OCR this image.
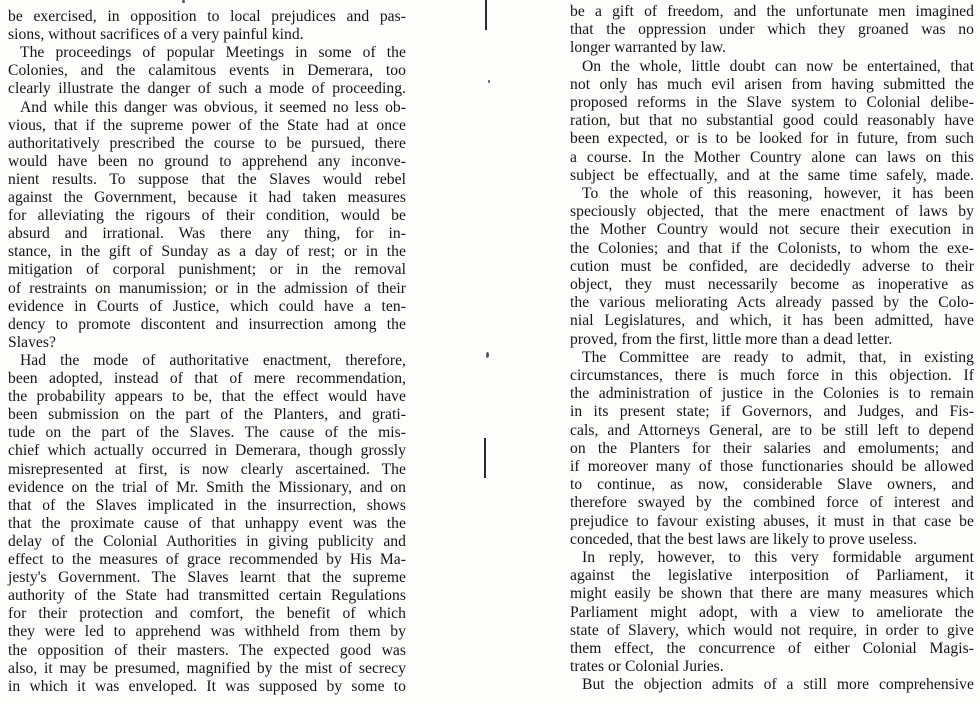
be exercised, in opposition to local prejudices and pas-
sions, without sacrifices of a very painful kind.
The proceedings of popular Meetings in some of the
Colonies, and the calamitous events in Demerara, too
clearly illustrate the danger of such a mode of proceeding.
And while this danger was obvious, it seemed no less ob-
vious, that if the supreme power of the State had at once
authoritatively prescribed the course to be pursued, there
would have been no ground to apprehend any inconve-
nient results. To suppose that the Slaves would rebel
against the Government, because it had taken measures
for alleviating the rigours of their condition, would be
absurd and irrational. Was there any thing, for in-
stance, in the gift of Sunday as a day of rest; or in the
mitigation of corporal punishment; or in the removal
of restraints on manumission; or in the admission of their
evidence in Courts of Justice, which could have a ten-
dency to promote discontent and insurrection among the
Slaves?
Had the mode of authoritative enactment, therefore,
been adopted, instead of that of mere recommendation,
the probability appears to be, that the effect would have
been submission on the part of the Planters, and grati-
tude on the part of the Slaves. The cause of the mis-
chief which actually occurred in Demerara, though grossly
misrepresented at first, is now clearly ascertained. The
evidence on the trial of Mr. Smith the Missionary, and on
that of the Slaves implicated in the insurrection, shows
that the proximate cause of that unhappy event was the
delay of the Colonial Authorities in giving publicity and
effect to the measures of grace recommended by His Ma-
jesty's Government. The Slaves learnt that the supreme
authority of the State had transmitted certain Regulations
for their protection and comfort, the benefit of which
they were led to apprehend was withheld from them by
the opposition of their masters. The expected good was
also, it may be presumed, magnified by the mist of secrecy
in which it was enveloped. It was supposed by some to
be a gift of freedom, and the unfortunate men imagined
that the oppression under which they groaned was no
longer warranted by law.
On the whole, little doubt can now be entertained, that
not only has much evil arisen from having submitted the
proposed reforms in the Slave system to Colonial delibe-
ration, but that no substantial good could reasonably have
been expected, or is to be looked for in future, from such
a course. In the Mother Country alone can laws on this
subject be effectually, and at the same time safely, made.
To the whole of this reasoning, however, it has been
speciously objected, that the mere enactment of laws by
the Mother Country would not secure their execution in
the Colonies; and that if the Colonists, to whom the exe-
cution must be confided, are decidedly adverse to their
object, they must necessarily become as inoperative as
the various meliorating Acts already passed by the Colo-
nial Legislatures, and which, it has been admitted, have
proved, from the first, little more than a dead letter.
The Committee are ready to admit, that, in existing
circumstances, there is much force in this objection. If
the administration of justice in the Colonies is to remain
in its present state; if Governors, and Judges, and Fis-
cals, and Attorneys General, are to be still left to depend
on the Planters for their salaries and emoluments; and
if moreover many of those functionaries should be allowed
to continue, as now, considerable Slave owners, and
therefore swayed by the combined force of interest and
prejudice to favour existing abuses, it must in that case be
conceded, that the best laws are likely to prove useless.
In reply, however, to this very formidable argument
against the legislative interposition of Parliament, it
might easily be shown that there are many measures which
Parliament might adopt, with a view to ameliorate the
state of Slavery, which would not require, in order to give
them effect, the concurrence of either Colonial Magis-
trates or Colonial Juries.
But the objection admits of a still more comprehensive
